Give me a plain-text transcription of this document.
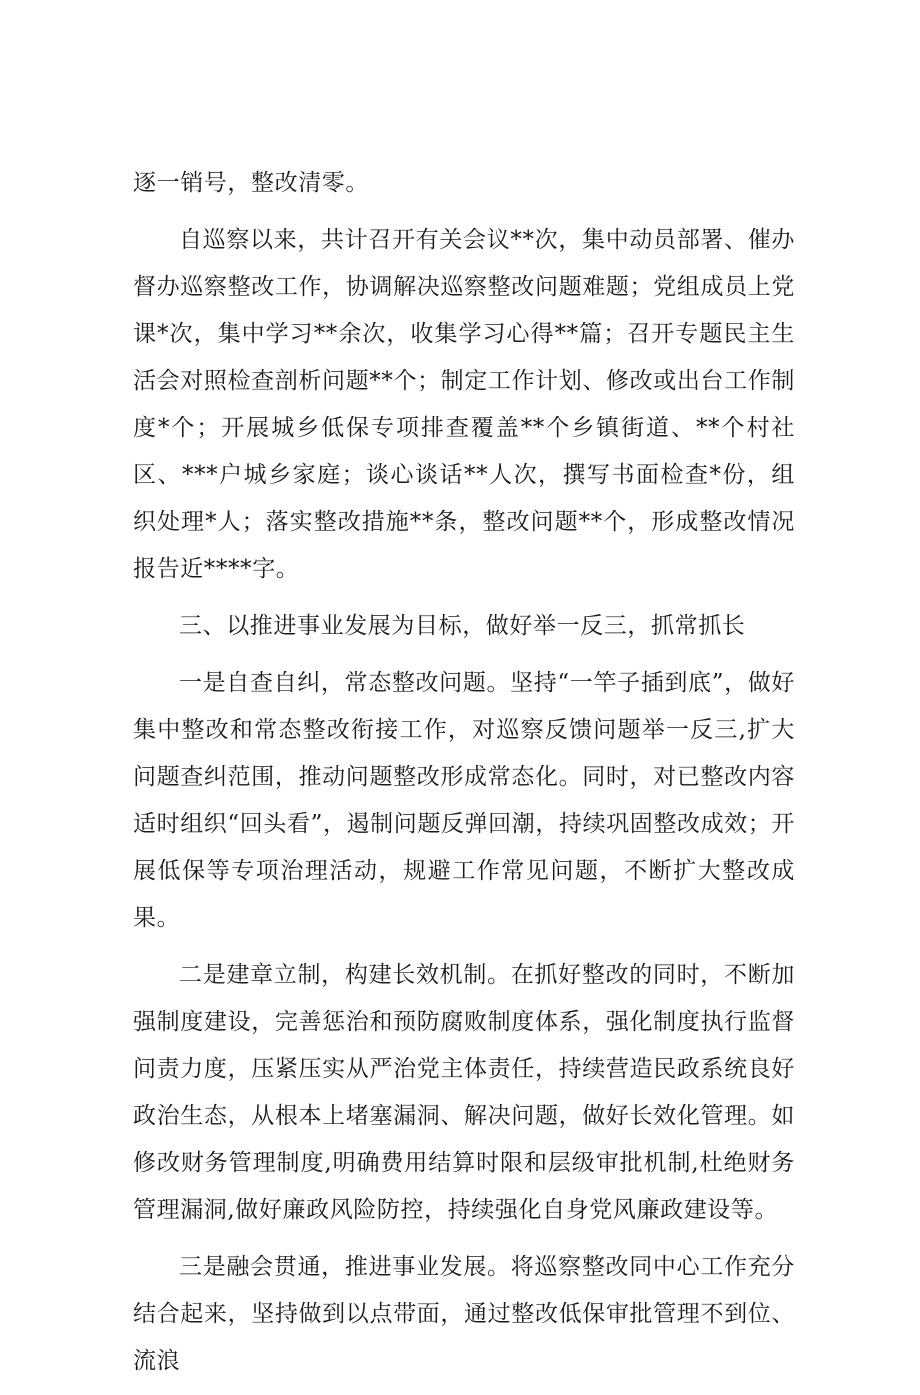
逐一销号，整改清零。

自巡察以来，共计召开有关会议**次，集中动员部署、催办督办巡察整改工作，协调解决巡察整改问题难题；党组成员上党课*次，集中学习**余次，收集学习心得**篇；召开专题民主生活会对照检查剖析问题**个；制定工作计划、修改或出台工作制度*个；开展城乡低保专项排查覆盖**个乡镇街道、**个村社区、***户城乡家庭；谈心谈话**人次，撰写书面检查*份，组织处理*人；落实整改措施**条，整改问题**个，形成整改情况报告近****字。

三、以推进事业发展为目标，做好举一反三，抓常抓长

一是自查自纠，常态整改问题。坚持“一竿子插到底”，做好集中整改和常态整改衔接工作，对巡察反馈问题举一反三,扩大问题查纠范围，推动问题整改形成常态化。同时，对已整改内容适时组织“回头看”，遏制问题反弹回潮，持续巩固整改成效；开展低保等专项治理活动，规避工作常见问题，不断扩大整改成果。

二是建章立制，构建长效机制。在抓好整改的同时，不断加强制度建设，完善惩治和预防腐败制度体系，强化制度执行监督问责力度，压紧压实从严治党主体责任，持续营造民政系统良好政治生态，从根本上堵塞漏洞、解决问题，做好长效化管理。如修改财务管理制度,明确费用结算时限和层级审批机制,杜绝财务管理漏洞,做好廉政风险防控，持续强化自身党风廉政建设等。

三是融会贯通，推进事业发展。将巡察整改同中心工作充分结合起来，坚持做到以点带面，通过整改低保审批管理不到位、流浪
